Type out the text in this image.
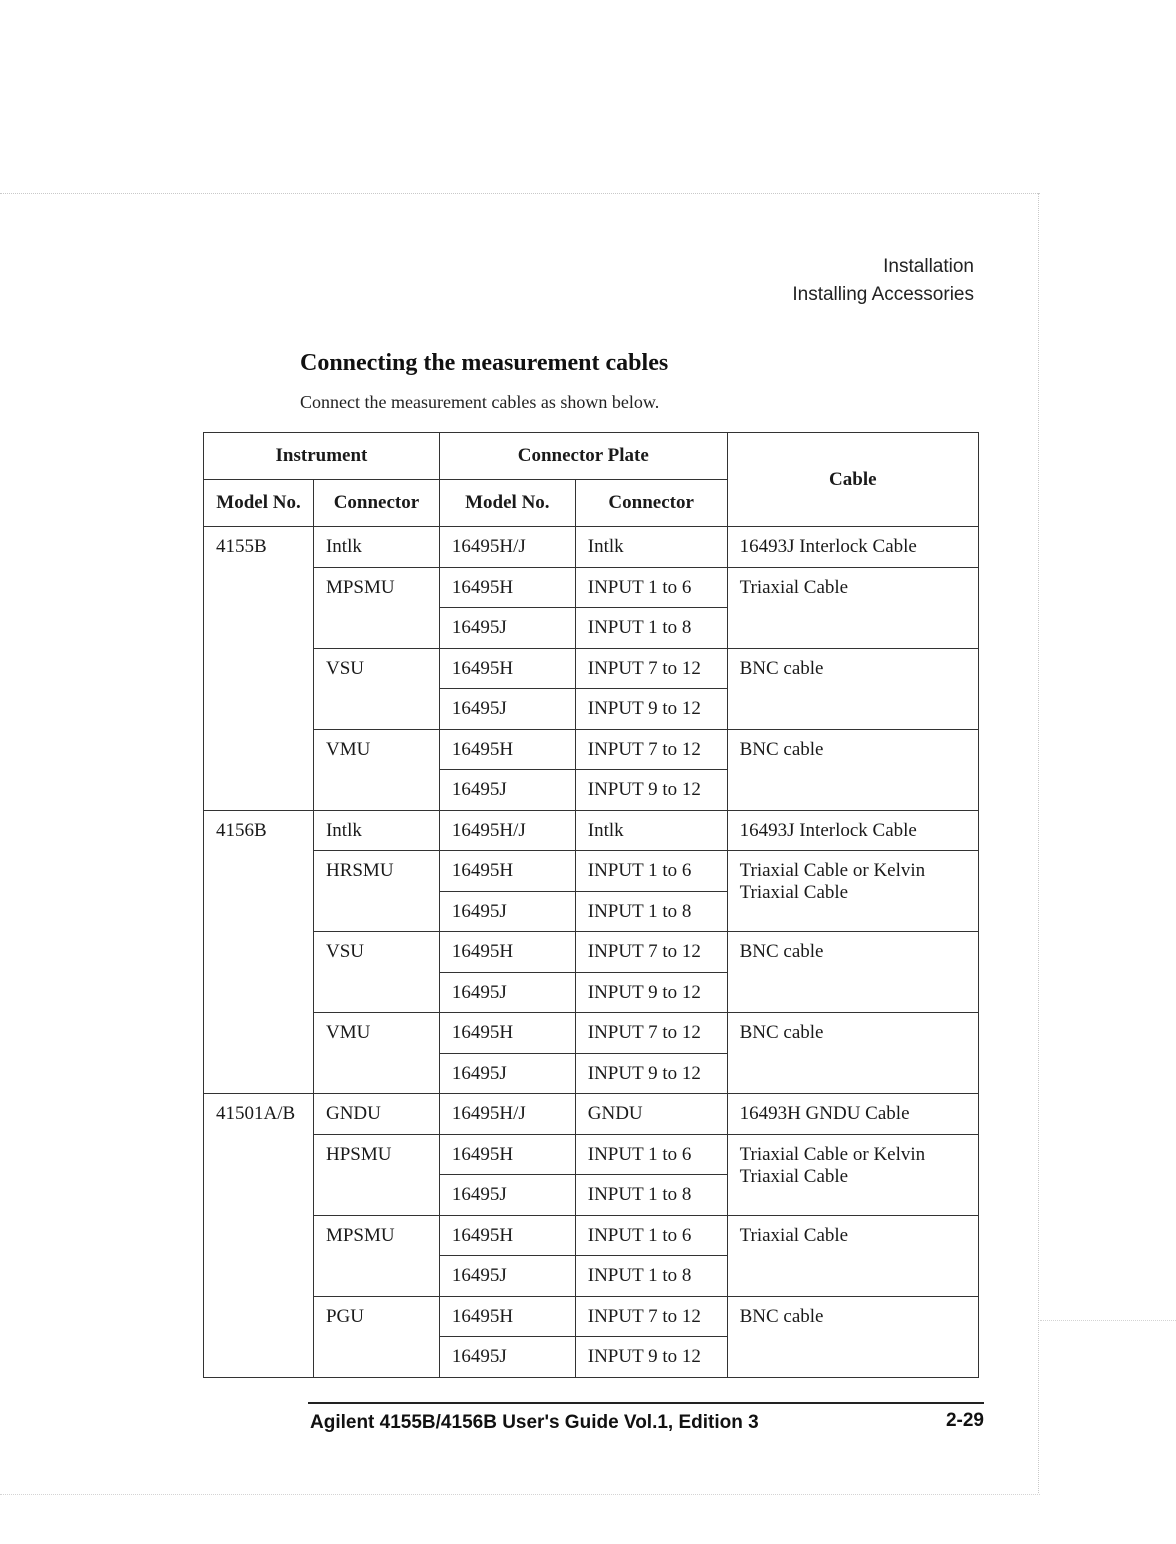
Installation
Installing Accessories
Connecting the measurement cables
Connect the measurement cables as shown below.
Instrument		Connector Plate		Cable
Model No.	Connector	Model No.	Connector	
4155B	Intlk	16495H/J	Intlk	16493J Interlock Cable
	MPSMU	16495H	INPUT 1 to 6	Triaxial Cable
		16495J	INPUT 1 to 8	
	VSU	16495H	INPUT 7 to 12	BNC cable
		16495J	INPUT 9 to 12	
	VMU	16495H	INPUT 7 to 12	BNC cable
		16495J	INPUT 9 to 12	
4156B	Intlk	16495H/J	Intlk	16493J Interlock Cable
	HRSMU	16495H	INPUT 1 to 6	Triaxial Cable or Kelvin Triaxial Cable
		16495J	INPUT 1 to 8	
	VSU	16495H	INPUT 7 to 12	BNC cable
		16495J	INPUT 9 to 12	
	VMU	16495H	INPUT 7 to 12	BNC cable
		16495J	INPUT 9 to 12	
41501A/B	GNDU	16495H/J	GNDU	16493H GNDU Cable
	HPSMU	16495H	INPUT 1 to 6	Triaxial Cable or Kelvin Triaxial Cable
		16495J	INPUT 1 to 8	
	MPSMU	16495H	INPUT 1 to 6	Triaxial Cable
		16495J	INPUT 1 to 8	
	PGU	16495H	INPUT 7 to 12	BNC cable
		16495J	INPUT 9 to 12	
Agilent 4155B/4156B User's Guide Vol.1, Edition 3	2-29
